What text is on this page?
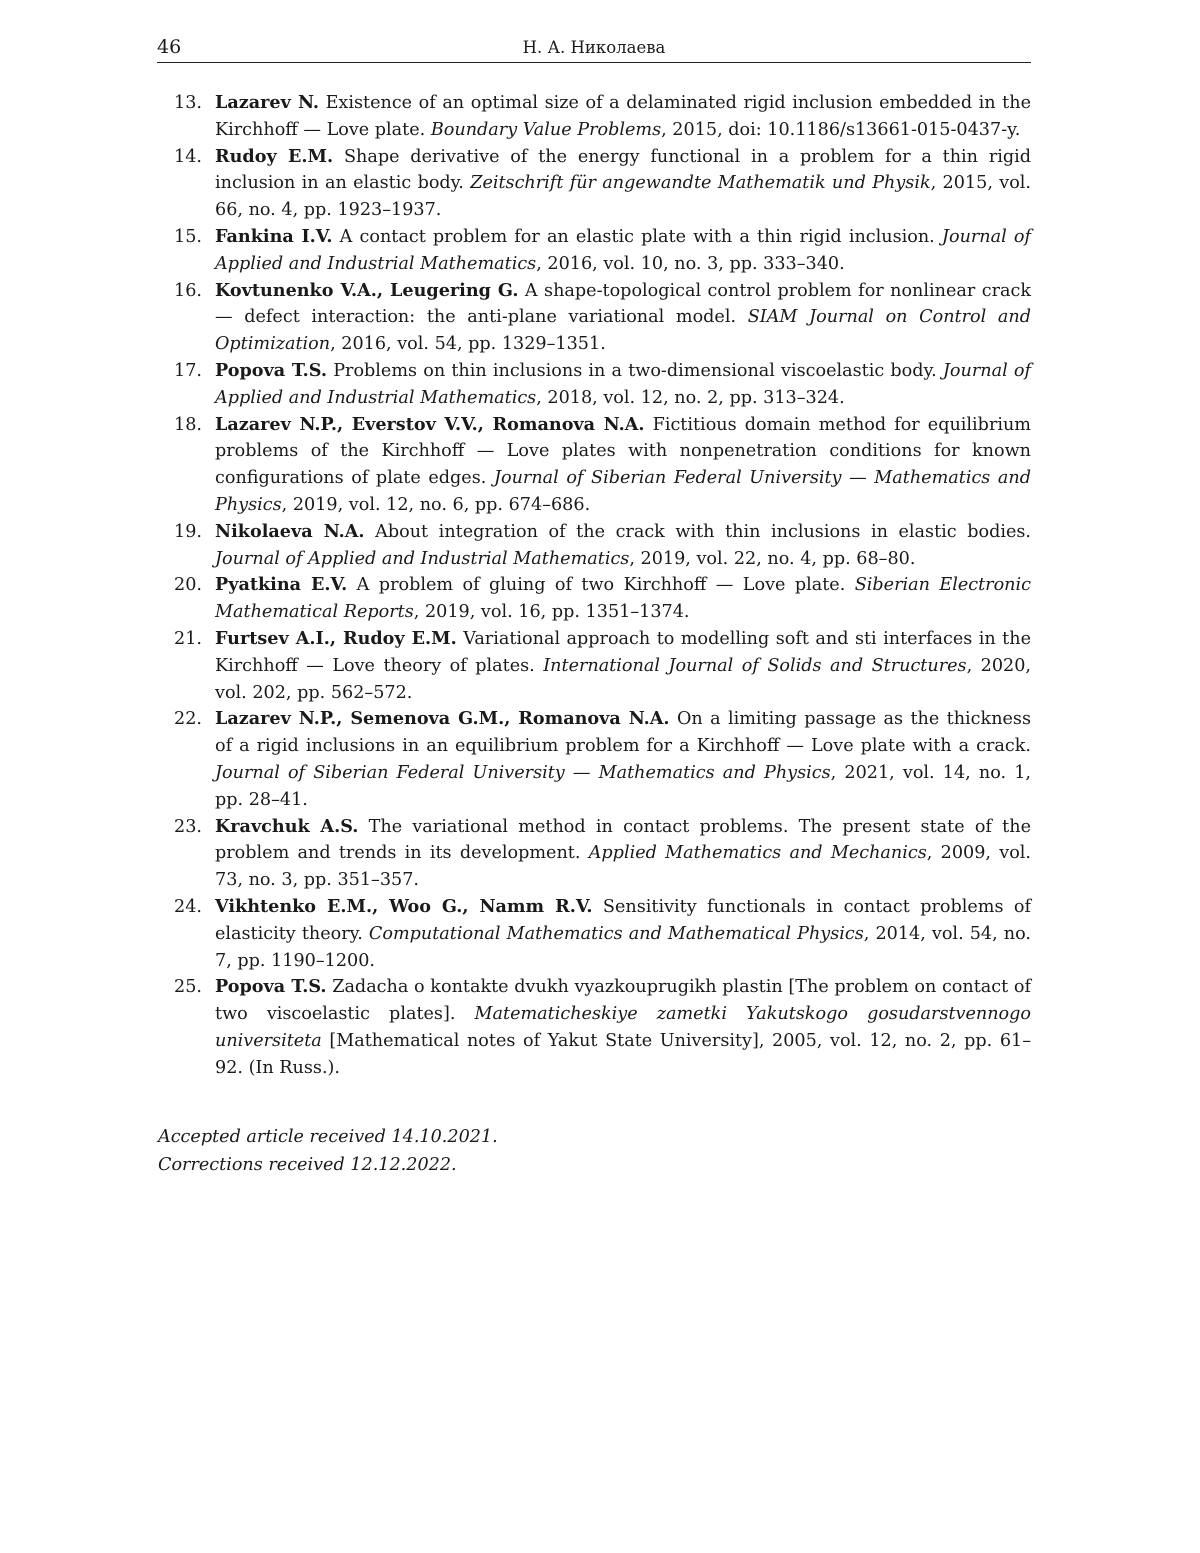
46	Н. А. Николаева
13. Lazarev N. Existence of an optimal size of a delaminated rigid inclusion embedded in the Kirchhoff — Love plate. Boundary Value Problems, 2015, doi: 10.1186/s13661-015-0437-y.
14. Rudoy E.M. Shape derivative of the energy functional in a problem for a thin rigid inclusion in an elastic body. Zeitschrift für angewandte Mathematik und Physik, 2015, vol. 66, no. 4, pp. 1923–1937.
15. Fankina I.V. A contact problem for an elastic plate with a thin rigid inclusion. Journal of Applied and Industrial Mathematics, 2016, vol. 10, no. 3, pp. 333–340.
16. Kovtunenko V.A., Leugering G. A shape-topological control problem for nonlinear crack — defect interaction: the anti-plane variational model. SIAM Journal on Control and Optimization, 2016, vol. 54, pp. 1329–1351.
17. Popova T.S. Problems on thin inclusions in a two-dimensional viscoelastic body. Journal of Applied and Industrial Mathematics, 2018, vol. 12, no. 2, pp. 313–324.
18. Lazarev N.P., Everstov V.V., Romanova N.A. Fictitious domain method for equilibrium problems of the Kirchhoff — Love plates with nonpenetration conditions for known configurations of plate edges. Journal of Siberian Federal University — Mathematics and Physics, 2019, vol. 12, no. 6, pp. 674–686.
19. Nikolaeva N.A. About integration of the crack with thin inclusions in elastic bodies. Journal of Applied and Industrial Mathematics, 2019, vol. 22, no. 4, pp. 68–80.
20. Pyatkina E.V. A problem of gluing of two Kirchhoff — Love plate. Siberian Electronic Mathematical Reports, 2019, vol. 16, pp. 1351–1374.
21. Furtsev A.I., Rudoy E.M. Variational approach to modelling soft and sti interfaces in the Kirchhoff — Love theory of plates. International Journal of Solids and Structures, 2020, vol. 202, pp. 562–572.
22. Lazarev N.P., Semenova G.M., Romanova N.A. On a limiting passage as the thickness of a rigid inclusions in an equilibrium problem for a Kirchhoff — Love plate with a crack. Journal of Siberian Federal University — Mathematics and Physics, 2021, vol. 14, no. 1, pp. 28–41.
23. Kravchuk A.S. The variational method in contact problems. The present state of the problem and trends in its development. Applied Mathematics and Mechanics, 2009, vol. 73, no. 3, pp. 351–357.
24. Vikhtenko E.M., Woo G., Namm R.V. Sensitivity functionals in contact problems of elasticity theory. Computational Mathematics and Mathematical Physics, 2014, vol. 54, no. 7, pp. 1190–1200.
25. Popova T.S. Zadacha o kontakte dvukh vyazkouprugikh plastin [The problem on contact of two viscoelastic plates]. Matematicheskiye zametki Yakutskogo gosudarstvennogo universiteta [Mathematical notes of Yakut State University], 2005, vol. 12, no. 2, pp. 61–92. (In Russ.).
Accepted article received 14.10.2021.
Corrections received 12.12.2022.
